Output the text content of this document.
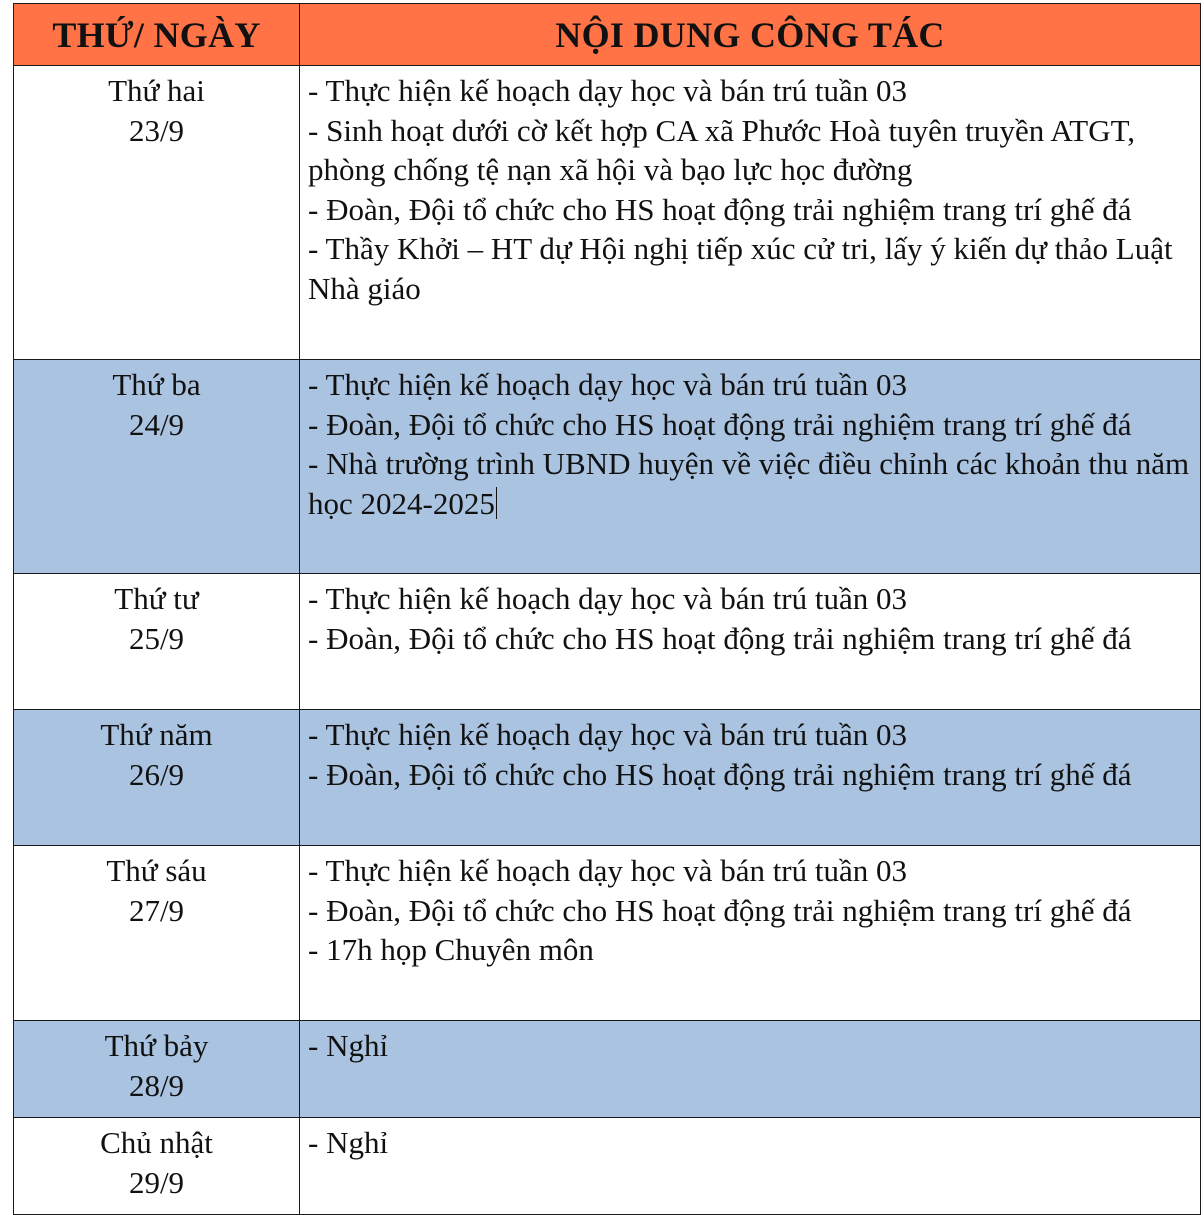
THỨ/ NGÀY	NỘI DUNG CÔNG TÁC

Thứ hai
23/9	- Thực hiện kế hoạch dạy học và bán trú tuần 03
- Sinh hoạt dưới cờ kết hợp CA xã Phước Hoà tuyên truyền ATGT, phòng chống tệ nạn xã hội và bạo lực học đường
- Đoàn, Đội tổ chức cho HS hoạt động trải nghiệm trang trí ghế đá
- Thầy Khởi – HT dự Hội nghị tiếp xúc cử tri, lấy ý kiến dự thảo Luật Nhà giáo

Thứ ba
24/9	- Thực hiện kế hoạch dạy học và bán trú tuần 03
- Đoàn, Đội tổ chức cho HS hoạt động trải nghiệm trang trí ghế đá
- Nhà trường trình UBND huyện về việc điều chỉnh các khoản thu năm học 2024-2025

Thứ tư
25/9	- Thực hiện kế hoạch dạy học và bán trú tuần 03
- Đoàn, Đội tổ chức cho HS hoạt động trải nghiệm trang trí ghế đá

Thứ năm
26/9	- Thực hiện kế hoạch dạy học và bán trú tuần 03
- Đoàn, Đội tổ chức cho HS hoạt động trải nghiệm trang trí ghế đá

Thứ sáu
27/9	- Thực hiện kế hoạch dạy học và bán trú tuần 03
- Đoàn, Đội tổ chức cho HS hoạt động trải nghiệm trang trí ghế đá
- 17h họp Chuyên môn

Thứ bảy
28/9	- Nghỉ

Chủ nhật
29/9	- Nghỉ
